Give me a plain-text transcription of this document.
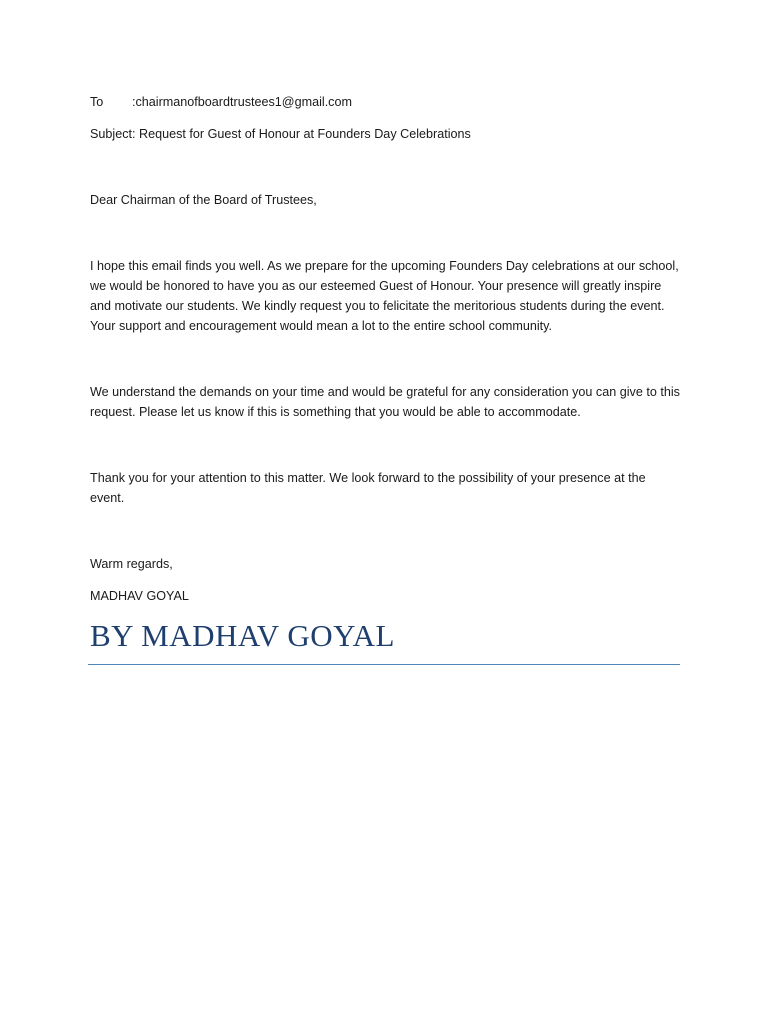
To :chairmanofboardtrustees1@gmail.com

Subject: Request for Guest of Honour at Founders Day Celebrations

Dear Chairman of the Board of Trustees,

I hope this email finds you well. As we prepare for the upcoming Founders Day celebrations at our school, we would be honored to have you as our esteemed Guest of Honour. Your presence will greatly inspire and motivate our students. We kindly request you to felicitate the meritorious students during the event. Your support and encouragement would mean a lot to the entire school community.

We understand the demands on your time and would be grateful for any consideration you can give to this request. Please let us know if this is something that you would be able to accommodate.

Thank you for your attention to this matter. We look forward to the possibility of your presence at the event.

Warm regards,

MADHAV GOYAL

BY MADHAV GOYAL
